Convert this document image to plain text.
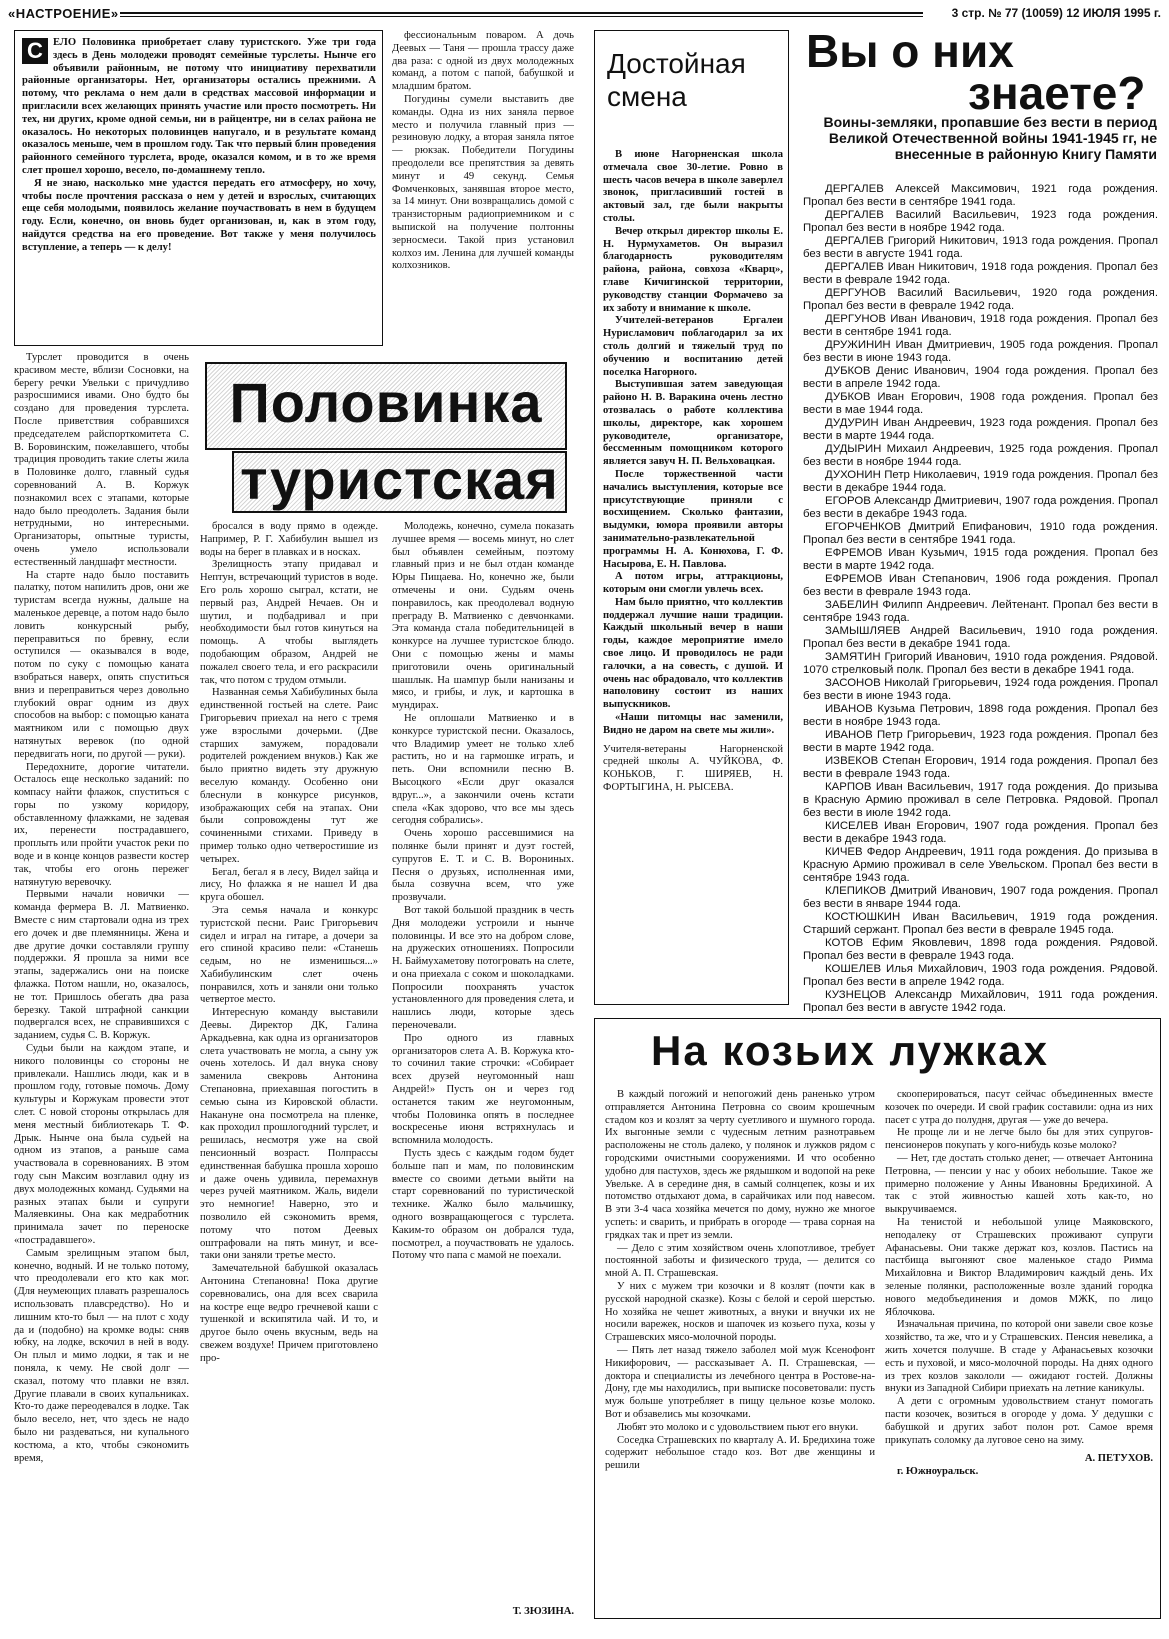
«НАСТРОЕНИЕ»	3 стр. № 77 (10059) 12 ИЮЛЯ 1995 г.
С ЕЛО Половинка приобретает славу туристского. Уже три года здесь в День молодежи проводят семейные турслеты. Нынче его объявили районным, не потому что инициативу перехватили районные организаторы. Нет, организаторы остались прежними. А потому, что реклама о нем дали в средствах массовой информации и пригласили всех желающих принять участие или просто посмотреть. Ни тех, ни других, кроме одной семьи, ни в райцентре, ни в селах района не оказалось. Но некоторых половинцев напугало, и в результате команд оказалось меньше, чем в прошлом году. Так что первый блин проведения районного семейного турслета, вроде, оказался комом, и в то же время слет прошел хорошо, весело, по-домашнему тепло.

Я не знаю, насколько мне удастся передать его атмосферу, но хочу, чтобы после прочтения рассказа о нем у детей и взрослых, считающих еще себя молодыми, появилось желание поучаствовать в нем в будущем году. Если, конечно, он вновь будет организован, и, как в этом году, найдутся средства на его проведение. Вот также у меня получилось вступление, а теперь — к делу!

Половинка
туристская

Турслет проводится в очень красивом месте, вблизи Сосновки, на берегу речки Увельки с причудливо разросшимися ивами. Оно будто бы создано для проведения турслета. После приветствия собравшихся председателем райспорткомитета С. В. Боровинским, пожелавшего, чтобы традиция проводить такие слеты жила в Половинке долго, главный судья соревнований А. В. Коржук познакомил всех с этапами, которые надо было преодолеть. Задания были нетрудными, но интересными. Организаторы, опытные туристы, очень умело использовали естественный ландшафт местности.

На старте надо было поставить палатку, потом напилить дров, они же туристам всегда нужны, дальше на маленькое деревце, а потом надо было ловить конкурсный рыбу, переправиться по бревну, если оступился — оказывался в воде, потом по суку с помощью каната взобраться наверх, опять спуститься вниз и переправиться через довольно глубокий овраг одним из двух способов на выбор: с помощью каната маятником или с помощью двух натянутых веревок (по одной передвигать ноги, по другой — руки).

Передохните, дорогие читатели. Осталось еще несколько заданий: по компасу найти флажок, спуститься с горы по узкому коридору, обставленному флажками, не задевая их, перенести пострадавшего, проплыть или пройти участок реки по воде и в конце концов развести костер так, чтобы его огонь пережег натянутую веревочку.

Первыми начали новички — команда фермера В. Л. Матвиенко. Вместе с ним стартовали одна из трех его дочек и две племянницы. Жена и две другие дочки составляли группу поддержки. Я прошла за ними все этапы, задержались они на поиске флажка. Потом нашли, но, оказалось, не тот. Пришлось обегать два раза березку. Такой штрафной санкции подвергался всех, не справившихся с заданием, судья С. В. Коржук.

Судьи были на каждом этапе, и никого половинцы со стороны не привлекали. Нашлись люди, как и в прошлом году, готовые помочь. Дому культуры и Коржукам провести этот слет. С новой стороны открылась для меня местный библиотекарь Т. Ф. Дрык. Нынче она была судьей на одном из этапов, а раньше сама участвовала в соревнованиях. В этом году сын Максим возглавил одну из двух молодежных команд. Судьями на разных этапах были и супруги Маляевкины. Она как медработник принимала зачет по переноске «пострадавшего».

Самым зрелищным этапом был, конечно, водный. И не только потому, что преодолевали его кто как мог. (Для неумеющих плавать разрешалось использовать плавсредство). Но и лишним кто-то был — на плот с ходу да и (подобно) на кромке воды: сняв юбку, на лодке, вскочил в ней в воду. Он плыл и мимо лодки, я так и не поняла, к чему. Не свой долг — сказал, потому что плавки не взял. Другие плавали в своих купальниках. Кто-то даже переодевался в лодке. Так было весело, нет, что здесь не надо было ни раздеваться, ни купального костюма, а кто, чтобы сэкономить время,

бросался в воду прямо в одежде. Например, Р. Г. Хабибулин вышел из воды на берег в плавках и в носках.

Зрелищность этапу придавал и Нептун, встречающий туристов в воде. Его роль хорошо сыграл, кстати, не первый раз, Андрей Нечаев. Он и шутил, и подбадривал и при необходимости был готов кинуться на помощь. А чтобы выглядеть подобающим образом, Андрей не пожалел своего тела, и его раскрасили так, что потом с трудом отмыли.

Названная семья Хабибулиных была единственной гостьей на слете. Раис Григорьевич приехал на него с тремя уже взрослыми дочерьми. (Две старших замужем, порадовали родителей рождением внуков.) Как же было приятно видеть эту дружную веселую команду. Особенно они блеснули в конкурсе рисунков, изображающих себя на этапах. Они были сопровождены тут же сочиненными стихами. Приведу в пример только одно четверостишие из четырех.

Бегал, бегал я в лесу, Видел зайца и лису, Но флажка я не нашел И два круга обошел.

Эта семья начала и конкурс туристской песни. Раис Григорьевич сидел и играл на гитаре, а дочери за его спиной красиво пели: «Станешь седым, но не изменишься...» Хабибулинским слет очень понравился, хоть и заняли они только четвертое место.

Интересную команду выставили Деевы. Директор ДК, Галина Аркадьевна, как одна из организаторов слета участвовать не могла, а сыну уж очень хотелось. И дал внука снову заменила свекровь Антонина Степановна, приехавшая погостить в семью сына из Кировской области. Накануне она посмотрела на пленке, как проходил прошлогодний турслет, и решилась, несмотря уже на свой пенсионный возраст. Полпрассы единственная бабушка прошла хорошо и даже очень удивила, перемахнув через ручей маятником. Жаль, видели это немногие! Наверно, это и позволило ей сэкономить время, потому что потом Деевых оштрафовали на пять минут, и все-таки они заняли третье место.

Замечательной бабушкой оказалась Антонина Степановна! Пока другие соревновались, она для всех сварила на костре еще ведро гречневой каши с тушенкой и вскипятила чай. И то, и другое было очень вкусным, ведь на свежем воздухе! Причем приготовлено про-

фессиональным поваром. А дочь Деевых — Таня — прошла трассу даже два раза: с одной из двух молодежных команд, а потом с папой, бабушкой и младшим братом.

Погудины сумели выставить две команды. Одна из них заняла первое место и получила главный приз — резиновую лодку, а вторая заняла пятое — рюкзак. Победители Погудины преодолели все препятствия за девять минут и 49 секунд. Семья Фомченковых, занявшая второе место, за 14 минут. Они возвращались домой с транзисторным радиоприемником и с выпиской на получение полтонны зерносмеси. Такой приз установил колхоз им. Ленина для лучшей команды колхозников.

Молодежь, конечно, сумела показать лучшее время — восемь минут, но слет был объявлен семейным, поэтому главный приз и не был отдан команде Юры Пищаева. Но, конечно же, были отмечены и они. Судьям очень понравилось, как преодолевал водную преграду В. Матвиенко с девчонками. Эта команда стала победительницей в конкурсе на лучшее туристское блюдо. Они с помощью жены и мамы приготовили очень оригинальный шашлык. На шампур были нанизаны и мясо, и грибы, и лук, и картошка в мундирах.

Не оплошали Матвиенко и в конкурсе туристской песни. Оказалось, что Владимир умеет не только хлеб растить, но и на гармошке играть, и петь. Они вспомнили песню В. Высоцкого «Если друг оказался вдруг...», а закончили очень кстати спела «Как здорово, что все мы здесь сегодня собрались».

Очень хорошо рассевшимися на полянке были принят и дуэт гостей, супругов Е. Т. и С. В. Ворониных. Песня о друзьях, исполненная ими, была созвучна всем, что уже прозвучали.

Вот такой большой праздник в честь Дня молодежи устроили и нынче половинцы. И все это на добром слове, на дружеских отношениях. Попросили Н. Баймухаметову потогровать на слете, и она приехала с соком и шоколадками. Попросили поохранять участок установленного для проведения слета, и нашлись люди, которые здесь переночевали.

Про одного из главных организаторов слета А. В. Коржука кто-то сочинил такие строчки: «Собирает всех друзей неугомонный наш Андрей!» Пусть он и через год останется таким же неугомонным, чтобы Половинка опять в последнее воскресенье июня встряхнулась и вспомнила молодость.

Пусть здесь с каждым годом будет больше пап и мам, по половинским вместе со своими детьми выйти на старт соревнований по туристической технике. Жалко было мальчишку, одного возвращающегося с турслета. Каким-то образом он добрался туда, посмотрел, а поучаствовать не удалось. Потому что папа с мамой не поехали.

Т. ЗЮЗИНА.
Достойная смена

В июне Нагорненская школа отмечала свое 30-летие. Ровно в шесть часов вечера в школе заверлел звонок, пригласивший гостей в актовый зал, где были накрыты столы.

Вечер открыл директор школы Е. Н. Нурмухаметов. Он выразил благодарность руководителям района, района, совхоза «Кварц», главе Кичигинской территории, руководству станции Формачево за их заботу и внимание к школе.

Учителей-ветеранов Ергалеи Нурисламович поблагодарил за их столь долгий и тяжелый труд по обучению и воспитанию детей поселка Нагорного.

Выступившая затем заведующая районо Н. В. Варакина очень лестно отозвалась о работе коллектива школы, директоре, как хорошем руководителе, организаторе, бессменным помощником которого является завуч Н. П. Вельховацкая.

После торжественной части начались выступления, которые все присутствующие приняли с восхищением. Сколько фантазии, выдумки, юмора проявили авторы занимательно-развлекательной программы Н. А. Конюхова, Г. Ф. Насырова, Е. Н. Павлова.

А потом игры, аттракционы, которым они смогли увлечь всех.

Нам было приятно, что коллектив поддержал лучшие наши традиции. Каждый школьный вечер в наши годы, каждое мероприятие имело свое лицо. И проводилось не ради галочки, а на совесть, с душой. И очень нас обрадовало, что коллектив наполовину состоит из наших выпускников.

«Наши питомцы нас заменили, Видно не даром на свете мы жили».

Учителя-ветераны Нагорненской средней школы А. ЧУЙКОВА, Ф. КОНЬКОВ, Г. ШИРЯЕВ, Н. ФОРТЫГИНА, Н. РЫСЕВА.

Вы о них
знаете?
Воины-земляки, пропавшие без вести в период Великой Отечественной войны 1941-1945 гг, не внесенные в районную Книгу Памяти

ДЕРГАЛЕВ Алексей Максимович, 1921 года рождения. Пропал без вести в сентябре 1941 года.

ДЕРГАЛЕВ Василий Васильевич, 1923 года рождения. Пропал без вести в ноябре 1942 года.

ДЕРГАЛЕВ Григорий Никитович, 1913 года рождения. Пропал без вести в августе 1941 года.

ДЕРГАЛЕВ Иван Никитович, 1918 года рождения. Пропал без вести в феврале 1942 года.

ДЕРГУНОВ Василий Васильевич, 1920 года рождения. Пропал без вести в феврале 1942 года.

ДЕРГУНОВ Иван Иванович, 1918 года рождения. Пропал без вести в сентябре 1941 года.

ДРУЖИНИН Иван Дмитриевич, 1905 года рождения. Пропал без вести в июне 1943 года.

ДУБКОВ Денис Иванович, 1904 года рождения. Пропал без вести в апреле 1942 года.

ДУБКОВ Иван Егорович, 1908 года рождения. Пропал без вести в мае 1944 года.

ДУДУРИН Иван Андреевич, 1923 года рождения. Пропал без вести в марте 1944 года.

ДУДЫРИН Михаил Андреевич, 1925 года рождения. Пропал без вести в ноябре 1944 года.

ДУХОНИН Петр Николаевич, 1919 года рождения. Пропал без вести в декабре 1944 года.

ЕГОРОВ Александр Дмитриевич, 1907 года рождения. Пропал без вести в декабре 1943 года.

ЕГОРЧЕНКОВ Дмитрий Епифанович, 1910 года рождения. Пропал без вести в сентябре 1941 года.

ЕФРЕМОВ Иван Кузьмич, 1915 года рождения. Пропал без вести в марте 1942 года.

ЕФРЕМОВ Иван Степанович, 1906 года рождения. Пропал без вести в феврале 1943 года.

ЗАБЕЛИН Филипп Андреевич. Лейтенант. Пропал без вести в сентябре 1943 года.

ЗАМЫШЛЯЕВ Андрей Васильевич, 1910 года рождения. Пропал без вести в декабре 1941 года.

ЗАМЯТИН Григорий Иванович, 1910 года рождения. Рядовой. 1070 стрелковый полк. Пропал без вести в декабре 1941 года.

ЗАСОНОВ Николай Григорьевич, 1924 года рождения. Пропал без вести в июне 1943 года.

ИВАНОВ Кузьма Петрович, 1898 года рождения. Пропал без вести в ноябре 1943 года.

ИВАНОВ Петр Григорьевич, 1923 года рождения. Пропал без вести в марте 1942 года.

ИЗВЕКОВ Степан Егорович, 1914 года рождения. Пропал без вести в феврале 1943 года.

КАРПОВ Иван Васильевич, 1917 года рождения. До призыва в Красную Армию проживал в селе Петровка. Рядовой. Пропал без вести в июле 1942 года.

КИСЕЛЕВ Иван Егорович, 1907 года рождения. Пропал без вести в декабре 1943 года.

КИЧЕВ Федор Андреевич, 1911 года рождения. До призыва в Красную Армию проживал в селе Увельском. Пропал без вести в сентябре 1943 года.

КЛЕПИКОВ Дмитрий Иванович, 1907 года рождения. Пропал без вести в январе 1944 года.

КОСТЮШКИН Иван Васильевич, 1919 года рождения. Старший сержант. Пропал без вести в феврале 1945 года.

КОТОВ Ефим Яковлевич, 1898 года рождения. Рядовой. Пропал без вести в феврале 1943 года.

КОШЕЛЕВ Илья Михайлович, 1903 года рождения. Рядовой. Пропал без вести в апреле 1942 года.

КУЗНЕЦОВ Александр Михайлович, 1911 года рождения. Пропал без вести в августе 1942 года.

На козьих лужках

В каждый погожий и непогожий день раненько утром отправляется Антонина Петровна со своим крошечным стадом коз и козлят за черту суетливого и шумного города. Их выгонные земли с чудесным летним разнотравьем расположены не столь далеко, у полянок и лужков рядом с городскими очистными сооружениями. И что особенно удобно для пастухов, здесь же рядышком и водопой на реке Увельке. А в середине дня, в самый солнцепек, козы и их потомство отдыхают дома, в сарайчиках или под навесом. В эти 3-4 часа хозяйка мечется по дому, нужно же многое успеть: и сварить, и прибрать в огороде — трава сорная на грядках так и прет из земли.

— Дело с этим хозяйством очень хлопотливое, требует постоянной заботы и физического труда, — делится со мной А. П. Страшевская.

У них с мужем три козочки и 8 козлят (почти как в русской народной сказке). Козы с белой и серой шерстью. Но хозяйка не чешет животных, а внуки и внучки их не носили варежек, носков и шапочек из козьего пуха, козы у Страшевских мясо-молочной породы.

— Пять лет назад тяжело заболел мой муж Ксенофонт Никифорович, — рассказывает А. П. Страшевская, — доктора и специалисты из лечебного центра в Ростове-на-Дону, где мы находились, при выписке посоветовали: пусть муж больше употребляет в пищу цельное козье молоко. Вот и обзавелись мы козочками.

Любят это молоко и с удовольствием пьют его внуки.

Соседка Страшевских по кварталу А. И. Бредихина тоже содержит небольшое стадо коз. Вот две женщины и решили

скооперироваться, пасут сейчас объединенных вместе козочек по очереди. И свой график составили: одна из них пасет с утра до полудня, другая — уже до вечера.

Не проще ли и не легче было бы для этих супругов-пенсионеров покупать у кого-нибудь козье молоко?

— Нет, где достать столько денег, — отвечает Антонина Петровна, — пенсии у нас у обоих небольшие. Такое же примерно положение у Анны Ивановны Бредихиной. А так с этой живностью кашей хоть как-то, но выкручиваемся.

На тенистой и небольшой улице Маяковского, неподалеку от Страшевских проживают супруги Афанасьевы. Они также держат коз, козлов. Пастись на пастбища выгоняют свое маленькое стадо Римма Михайловна и Виктор Владимирович каждый день. Их зеленые полянки, расположенные возле зданий городка нового медобъединения и домов МЖК, по лицо Яблочкова.

Изначальная причина, по которой они завели свое козье хозяйство, та же, что и у Страшевских. Пенсия невелика, а жить хочется получше. В стаде у Афанасьевых козочки есть и пуховой, и мясо-молочной породы. На днях одного из трех козлов закололи — ожидают гостей. Должны внуки из Западной Сибири приехать на летние каникулы.

А дети с огромным удовольствием станут помогать пасти козочек, возиться в огороде у дома. У дедушки с бабушкой и других забот полон рот. Самое время прикупать соломку да луговое сено на зиму.

А. ПЕТУХОВ.

г. Южноуральск.
